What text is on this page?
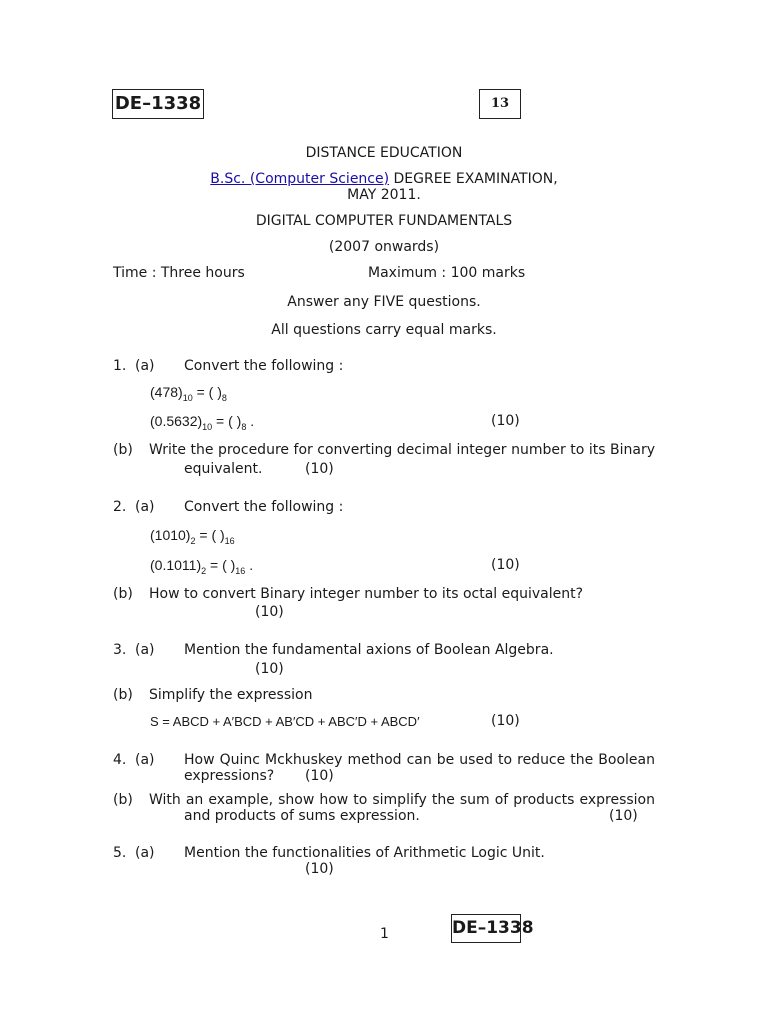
DE–1338	13
DISTANCE EDUCATION
B.Sc. (Computer Science) DEGREE EXAMINATION,
MAY 2011.
DIGITAL COMPUTER FUNDAMENTALS
(2007 onwards)
Time : Three hours	Maximum : 100 marks
Answer any FIVE questions.
All questions carry equal marks.
1. (a) Convert the following :
$(478)_{10}$ = ( )$_8$
$(0.5632)_{10}$ = ( )$_8$ .	(10)
(b) Write the procedure for converting decimal integer number to its Binary
equivalent.	(10)
2. (a) Convert the following :
$(1010)_2$ = ( )$_{16}$
$(0.1011)_2$ = ( )$_{16}$ .	(10)
(b) How to convert Binary integer number to its octal equivalent?
(10)
3. (a) Mention the fundamental axions of Boolean Algebra.
(10)
(b) Simplify the expression
S = ABCD + A′BCD + AB′CD + ABC′D + ABCD′	(10)
4. (a) How Quinc Mckhuskey method can be used to reduce the Boolean
expressions? (10)
(b) With an example, show how to simplify the sum of products expression
and products of sums expression.	(10)
5. (a) Mention the functionalities of Arithmetic Logic Unit.
(10)
1	DE–1338
